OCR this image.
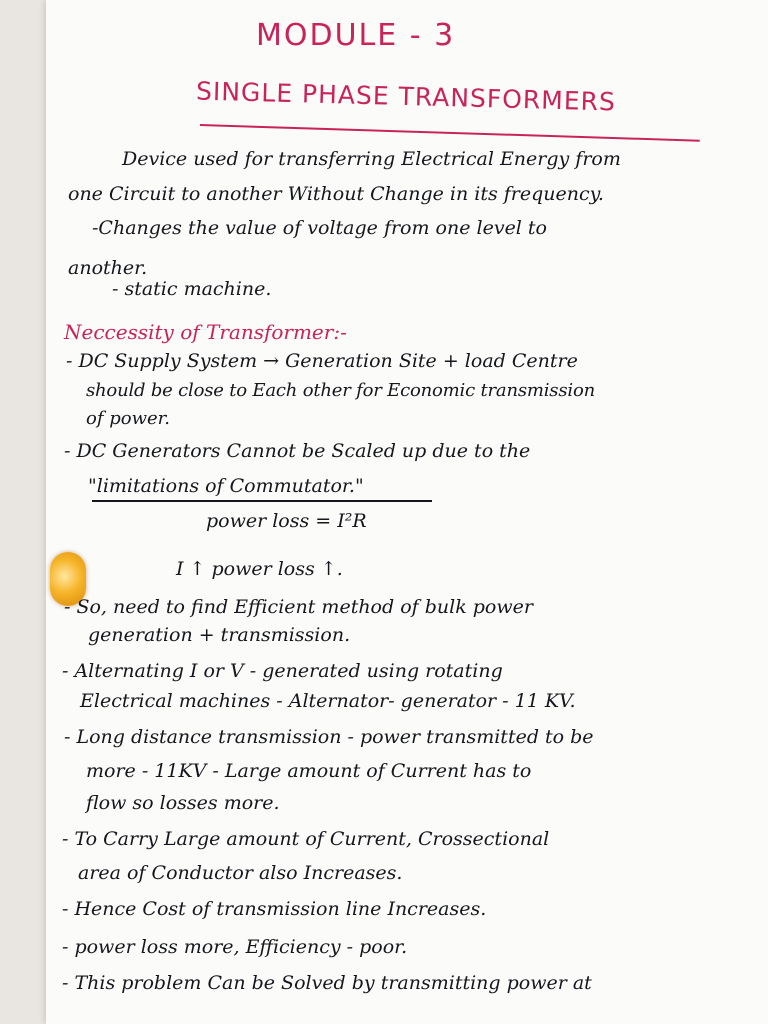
MODULE - 3
SINGLE PHASE TRANSFORMERS
Device used for transferring Electrical Energy from
one Circuit to another Without Change in its frequency.
-Changes the value of voltage from one level to
another.
- static machine.
Neccessity of Transformer:-
- DC Supply System → Generation Site + load Centre
should be close to Each other for Economic transmission
of power.
- DC Generators Cannot be Scaled up due to the
"limitations of Commutator."
power loss = I²R
I ↑ power loss ↑.
- So, need to find Efficient method of bulk power
generation + transmission.
- Alternating I or V - generated using rotating
Electrical machines - Alternator- generator - 11 KV.
- Long distance transmission - power transmitted to be
more - 11KV - Large amount of Current has to
flow so losses more.
- To Carry Large amount of Current, Crossectional
area of Conductor also Increases.
- Hence Cost of transmission line Increases.
- power loss more, Efficiency - poor.
- This problem Can be Solved by transmitting power at
